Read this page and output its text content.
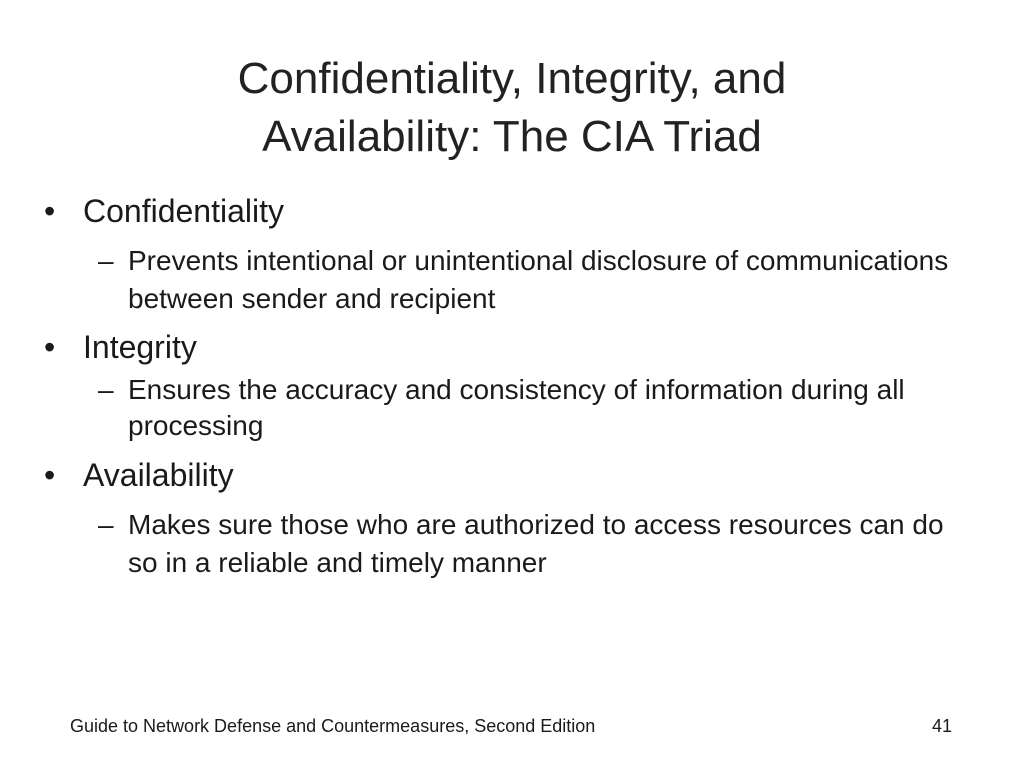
Confidentiality, Integrity, and
Availability: The CIA Triad
• Confidentiality
– Prevents intentional or unintentional disclosure of communications between sender and recipient
• Integrity
– Ensures the accuracy and consistency of information during all processing
• Availability
– Makes sure those who are authorized to access resources can do so in a reliable and timely manner
Guide to Network Defense and Countermeasures, Second Edition	41
